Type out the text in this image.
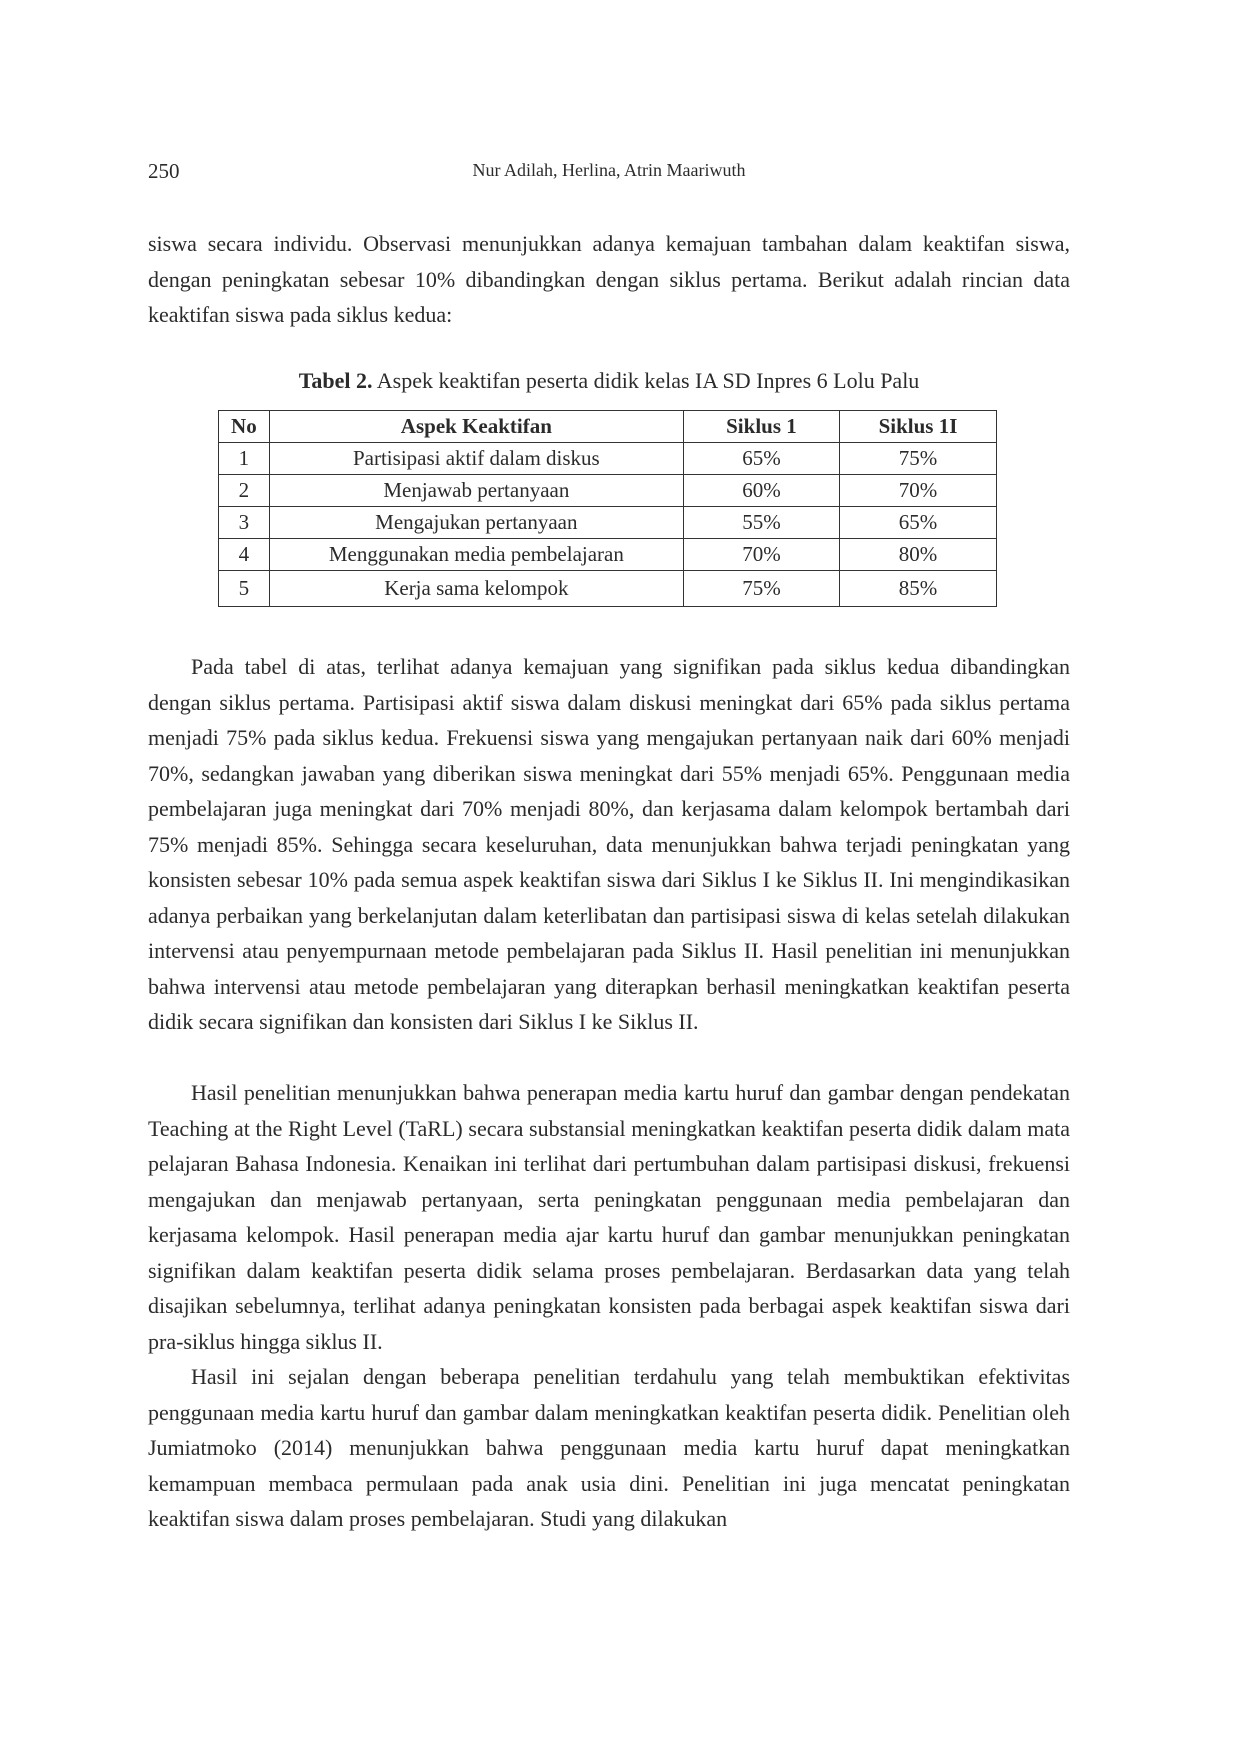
250	Nur Adilah, Herlina, Atrin Maariwuth

siswa secara individu. Observasi menunjukkan adanya kemajuan tambahan dalam keaktifan siswa, dengan peningkatan sebesar 10% dibandingkan dengan siklus pertama. Berikut adalah rincian data keaktifan siswa pada siklus kedua:

Tabel 2. Aspek keaktifan peserta didik kelas IA SD Inpres 6 Lolu Palu
No	Aspek Keaktifan	Siklus 1	Siklus 1I
1	Partisipasi aktif dalam diskus	65%	75%
2	Menjawab pertanyaan	60%	70%
3	Mengajukan pertanyaan	55%	65%
4	Menggunakan media pembelajaran	70%	80%
5	Kerja sama kelompok	75%	85%

Pada tabel di atas, terlihat adanya kemajuan yang signifikan pada siklus kedua dibandingkan dengan siklus pertama. Partisipasi aktif siswa dalam diskusi meningkat dari 65% pada siklus pertama menjadi 75% pada siklus kedua. Frekuensi siswa yang mengajukan pertanyaan naik dari 60% menjadi 70%, sedangkan jawaban yang diberikan siswa meningkat dari 55% menjadi 65%. Penggunaan media pembelajaran juga meningkat dari 70% menjadi 80%, dan kerjasama dalam kelompok bertambah dari 75% menjadi 85%. Sehingga secara keseluruhan, data menunjukkan bahwa terjadi peningkatan yang konsisten sebesar 10% pada semua aspek keaktifan siswa dari Siklus I ke Siklus II. Ini mengindikasikan adanya perbaikan yang berkelanjutan dalam keterlibatan dan partisipasi siswa di kelas setelah dilakukan intervensi atau penyempurnaan metode pembelajaran pada Siklus II. Hasil penelitian ini menunjukkan bahwa intervensi atau metode pembelajaran yang diterapkan berhasil meningkatkan keaktifan peserta didik secara signifikan dan konsisten dari Siklus I ke Siklus II.

Hasil penelitian menunjukkan bahwa penerapan media kartu huruf dan gambar dengan pendekatan Teaching at the Right Level (TaRL) secara substansial meningkatkan keaktifan peserta didik dalam mata pelajaran Bahasa Indonesia. Kenaikan ini terlihat dari pertumbuhan dalam partisipasi diskusi, frekuensi mengajukan dan menjawab pertanyaan, serta peningkatan penggunaan media pembelajaran dan kerjasama kelompok. Hasil penerapan media ajar kartu huruf dan gambar menunjukkan peningkatan signifikan dalam keaktifan peserta didik selama proses pembelajaran. Berdasarkan data yang telah disajikan sebelumnya, terlihat adanya peningkatan konsisten pada berbagai aspek keaktifan siswa dari pra-siklus hingga siklus II.

Hasil ini sejalan dengan beberapa penelitian terdahulu yang telah membuktikan efektivitas penggunaan media kartu huruf dan gambar dalam meningkatkan keaktifan peserta didik. Penelitian oleh Jumiatmoko (2014) menunjukkan bahwa penggunaan media kartu huruf dapat meningkatkan kemampuan membaca permulaan pada anak usia dini. Penelitian ini juga mencatat peningkatan keaktifan siswa dalam proses pembelajaran. Studi yang dilakukan
